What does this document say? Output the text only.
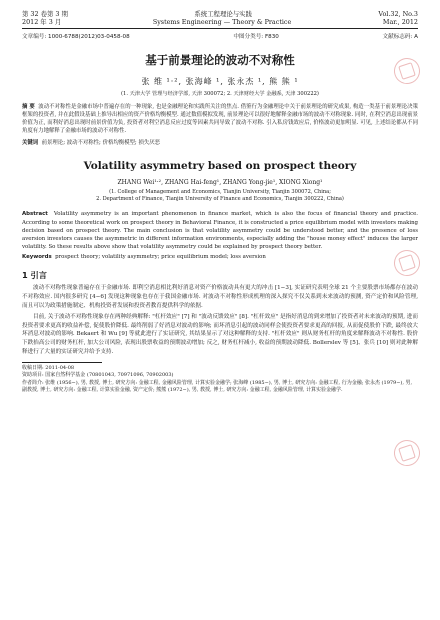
第 32 卷第 3 期	系统工程理论与实践	Vol.32, No.3
2012 年 3 月	Systems Engineering — Theory & Practice	Mar., 2012
文章编号: 1000-6788(2012)03-0458-08	中图分类号: F830	文献标志码: A
基于前景理论的波动不对称性
张 维 ¹·², 张海峰 ¹, 张永杰 ¹, 熊 熊 ¹
(1. 天津大学 管理与经济学部, 天津 300072; 2. 天津财经大学 金融系, 天津 300222)
摘 要 波动不对称性是金融市场中普遍存在的一种现象, 也是金融理论和实践所关注的焦点. 借鉴行为金融理论中关于前景理论的研究成果, 构造一类基于前景理论决策框架的投资者, 并在此假设基础上推导出相应的资产价格均衡模型. 通过数值模拟发现, 前景理论可以很好地解释金融市场的波动不对称现象. 同时, 在利空消息出现前景价值为正, 而利好消息出现时前景价值为负, 投资者对利空消息反应过度等因素共同导致了波动不对称. 引入私房钱效应后, 价格波动更加明显. 可见, 上述结论都从不同角度有力地解释了金融市场的波动不对称性.
关键词 前景理论; 波动不对称性; 价格均衡模型; 损失厌恶
Volatility asymmetry based on prospect theory
ZHANG Wei¹·², ZHANG Hai-feng¹, ZHANG Yong-jie¹, XIONG Xiong¹
(1. College of Management and Economics, Tianjin University, Tianjin 300072, China;
2. Department of Finance, Tianjin University of Finance and Economics, Tianjin 300222, China)
Abstract Volatility asymmetry is an important phenomenon in finance market, which is also the focus of financial theory and practice. According to some theoretical work on prospect theory in Behavioral Finance, it is constructed a price equilibrium model with investors making decision based on prospect theory. The main conclusion is that volatility asymmetry could be understood better, and the presence of loss aversion investors causes the asymmetric in different information environments, especially adding the "house money effect" induces the larger volatility. So these results above show that volatility asymmetry could be explained by prospect theory better.
Keywords prospect theory; volatility asymmetry; price equilibrium model; loss aversion
1 引言

波动不对称性现象普遍存在于金融市场. 即利空消息相比利好消息对资产价格波动具有更大的冲击 [1−3], 实证研究表明全球 21 个主要股票市场都存在波动不对称效应. 国内很多研究 [4−6] 发现这种现象也存在于我国金融市场. 对波动不对称性形成机理的深入探究不仅关系到未来波动的预测, 资产定价和风险管理, 而且可以为政策措施制定、机构投资者发展和投资者教育提供科学的依据.

目前, 关于波动不对称性现象存在两种经典解释: "杠杆效应" [7] 和 "波动反馈效应" [8]. "杠杆效应" 是指好消息的到来增加了投资者对未来波动的预期, 进而投资者要求更高的收益补偿, 促使股价降低. 最终削弱了好消息对波动的影响; 而坏消息引起的波动同样会使投资者要求更高的回报, 从而促使股价下跌, 最终放大坏消息对波动的影响. Bekaert 和 Wu [9] 等就此进行了实证研究, 其结果显示了对这种解释的支持. "杠杆效应" 则从财务杠杆的角度来解释波动不对称性. 股价下跌抬高公司的财务杠杆, 加大公司风险, 表现出股票收益的预期波动增加; 反之, 财务杠杆减小, 收益的预期波动降低. Bollerslev 等 [5]、张兵 [10] 则对此种解释进行了大量的实证研究并给予支持.

收稿日期: 2011-04-08
资助项目: 国家自然科学基金 (70801043, 70971096, 70902003)
作者简介: 张维 (1956−), 男, 教授, 博士, 研究方向: 金融工程, 金融风险管理, 计算实验金融学; 张海峰 (1985−), 男, 博士, 研究方向: 金融工程, 行为金融; 张永杰 (1979−), 男, 副教授, 博士, 研究方向: 金融工程, 计算实验金融, 资产定价; 熊熊 (1972−), 男, 教授, 博士, 研究方向: 金融工程, 金融风险管理, 计算实验金融学.
